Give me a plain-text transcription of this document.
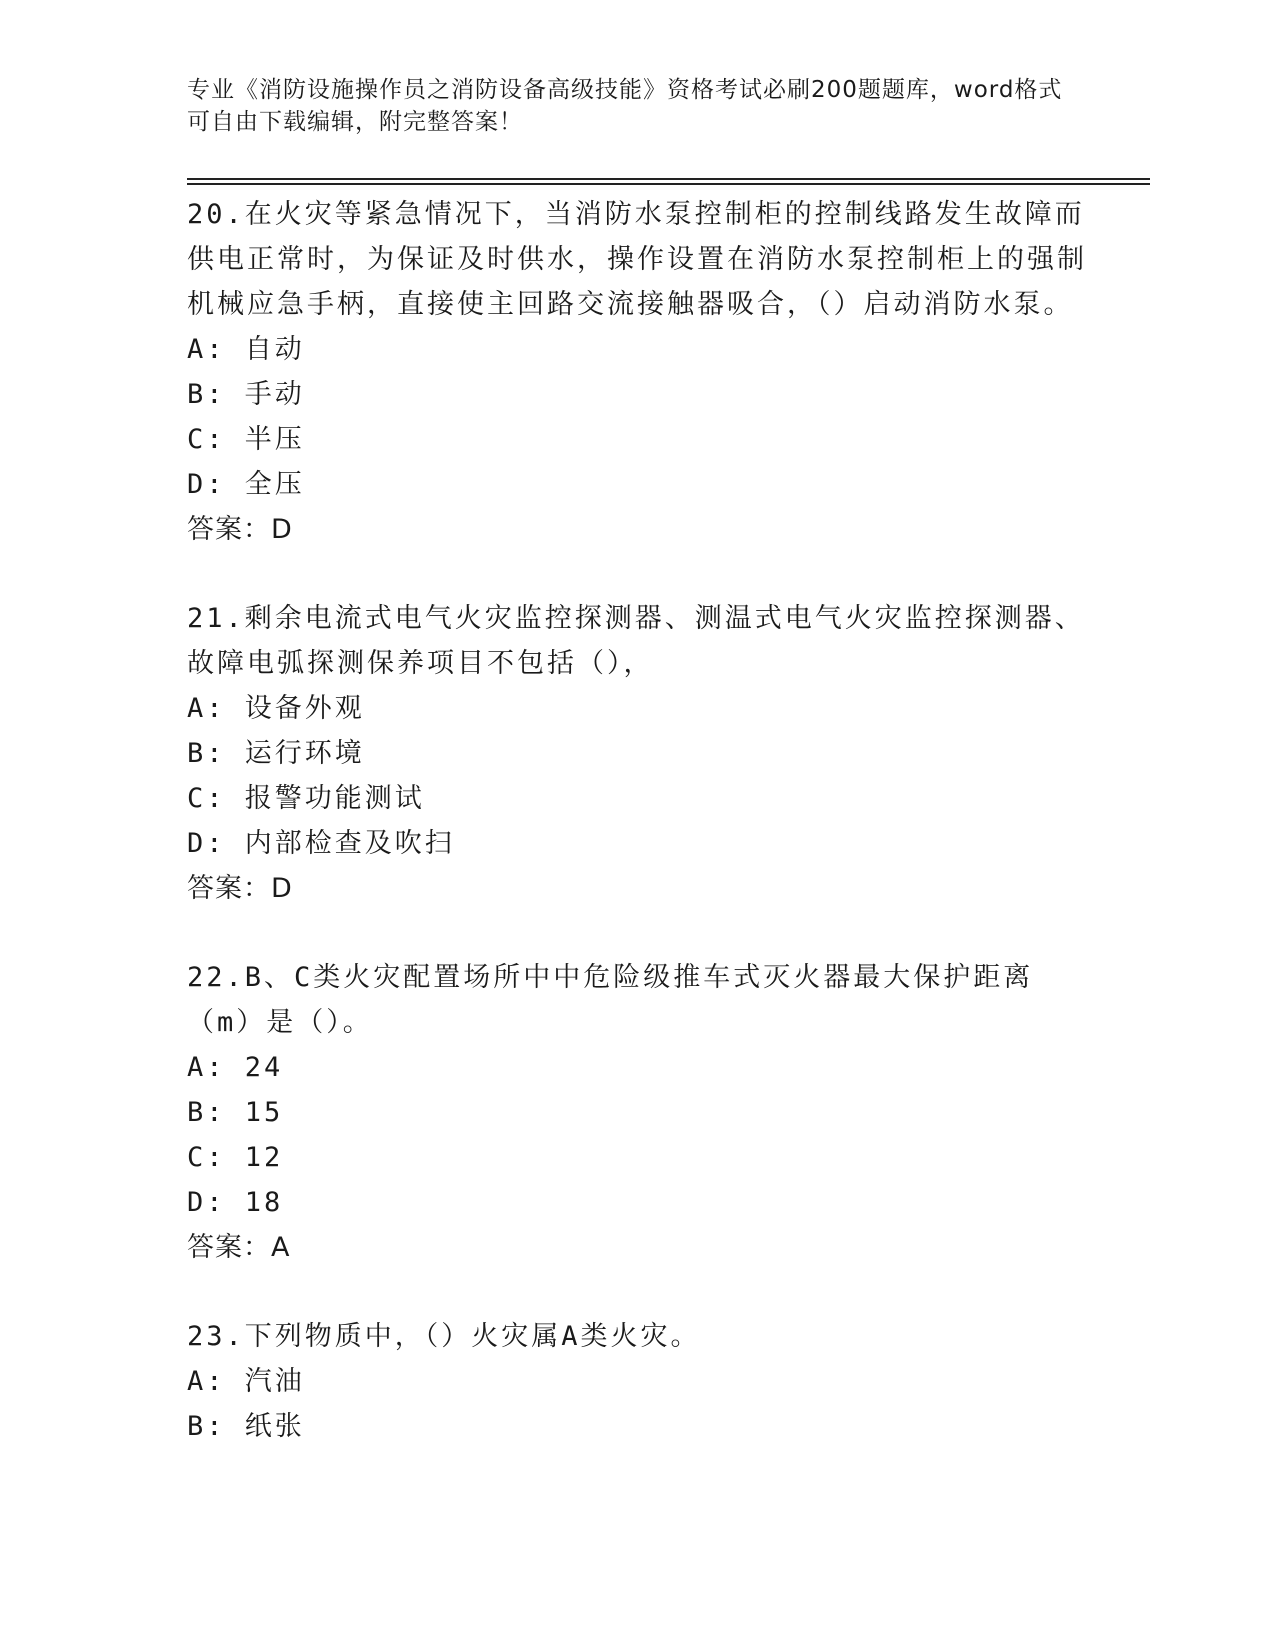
专业《消防设施操作员之消防设备高级技能》资格考试必刷200题题库，word格式可自由下载编辑，附完整答案！

20.在火灾等紧急情况下，当消防水泵控制柜的控制线路发生故障而供电正常时，为保证及时供水，操作设置在消防水泵控制柜上的强制机械应急手柄，直接使主回路交流接触器吸合，（）启动消防水泵。

A: 自动

B: 手动

C: 半压

D: 全压

答案：D

21.剩余电流式电气火灾监控探测器、测温式电气火灾监控探测器、故障电弧探测保养项目不包括（），

A: 设备外观

B: 运行环境

C: 报警功能测试

D: 内部检查及吹扫

答案：D

22.B、C类火灾配置场所中中危险级推车式灭火器最大保护距离（m）是（）。

A: 24

B: 15

C: 12

D: 18

答案：A

23.下列物质中，（）火灾属A类火灾。

A: 汽油

B: 纸张
